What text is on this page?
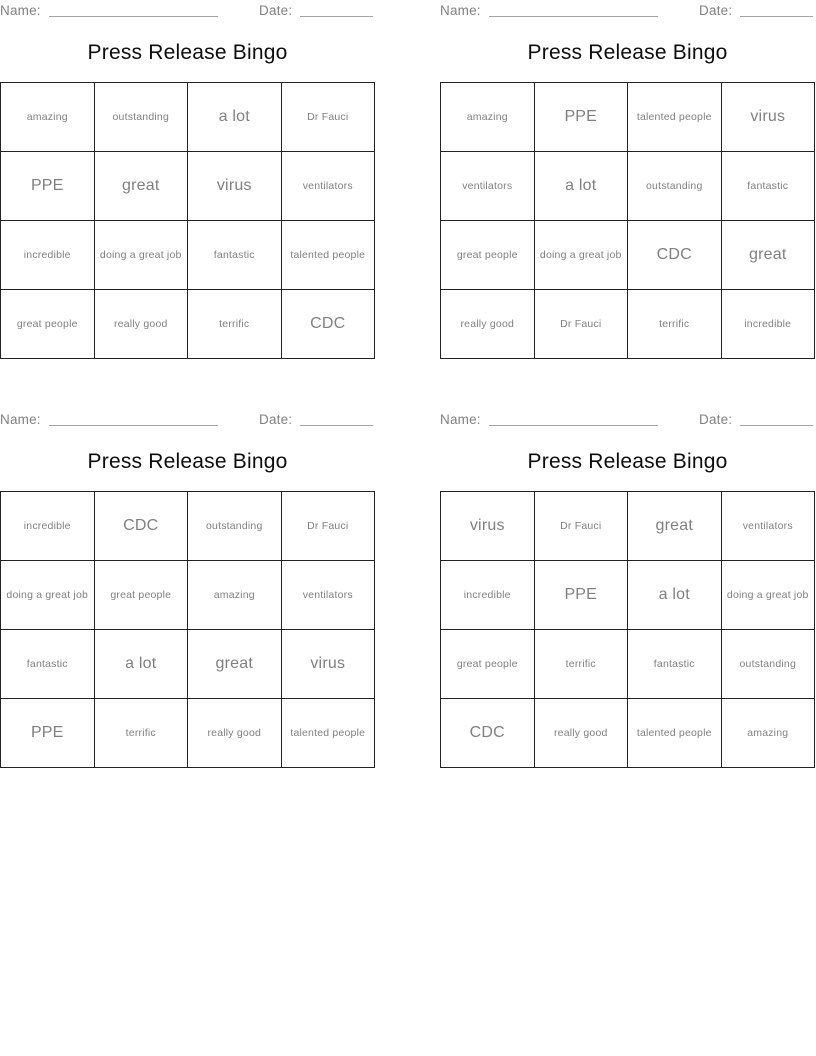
Name:	Date:
Press Release Bingo
amazing	outstanding	a lot	Dr Fauci
PPE	great	virus	ventilators
incredible	doing a great job	fantastic	talented people
great people	really good	terrific	CDC
Name:	Date:
Press Release Bingo
amazing	PPE	talented people	virus
ventilators	a lot	outstanding	fantastic
great people	doing a great job	CDC	great
really good	Dr Fauci	terrific	incredible
Name:	Date:
Press Release Bingo
incredible	CDC	outstanding	Dr Fauci
doing a great job	great people	amazing	ventilators
fantastic	a lot	great	virus
PPE	terrific	really good	talented people
Name:	Date:
Press Release Bingo
virus	Dr Fauci	great	ventilators
incredible	PPE	a lot	doing a great job
great people	terrific	fantastic	outstanding
CDC	really good	talented people	amazing
